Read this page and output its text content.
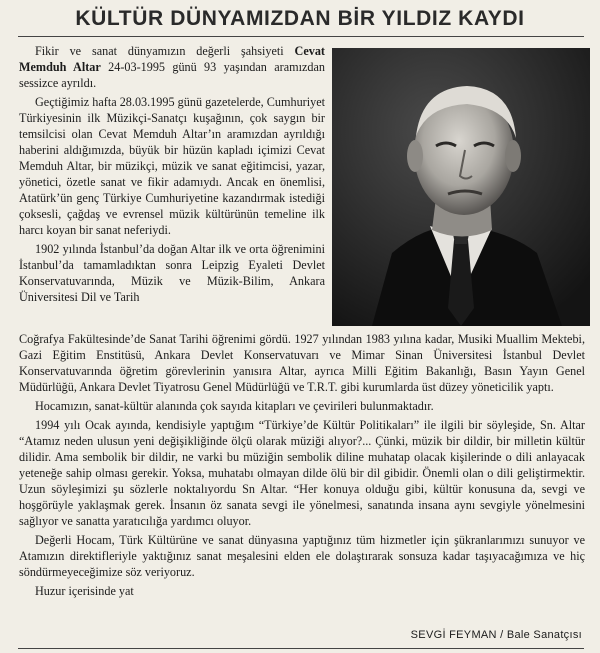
KÜLTÜR DÜNYAMIZDAN BİR YILDIZ KAYDI

Fikir ve sanat dünyamızın değerli şahsiyeti Cevat Memduh Altar 24-03-1995 günü 93 yaşından aramızdan sessizce ayrıldı.

Geçtiğimiz hafta 28.03.1995 günü gazetelerde, Cumhuriyet Türkiyesinin ilk Müzikçi-Sanatçı kuşağının, çok saygın bir temsilcisi olan Cevat Memduh Altar’ın aramızdan ayrıldığı haberini aldığımızda, büyük bir hüzün kapladı içimizi Cevat Memduh Altar, bir müzikçi, müzik ve sanat eğitimcisi, yazar, yönetici, özetle sanat ve fikir adamıydı. Ancak en önemlisi, Atatürk’ün genç Türkiye Cumhuriyetine kazandırmak istediği çoksesli, çağdaş ve evrensel müzik kültürünün temeline ilk harcı koyan bir sanat neferiydi.

1902 yılında İstanbul’da doğan Altar ilk ve orta öğrenimini İstanbul’da tamamladıktan sonra Leipzig Eyaleti Devlet Konservatuvarında, Müzik ve Müzik-Bilim, Ankara Üniversitesi Dil ve Tarih

Coğrafya Fakültesinde’de Sanat Tarihi öğrenimi gördü. 1927 yılından 1983 yılına kadar, Musiki Muallim Mektebi, Gazi Eğitim Enstitüsü, Ankara Devlet Konservatuvarı ve Mimar Sinan Üniversitesi İstanbul Devlet Konservatuvarında öğretim görevlerinin yanısıra Altar, ayrıca Milli Eğitim Bakanlığı, Basın Yayın Genel Müdürlüğü, Ankara Devlet Tiyatrosu Genel Müdürlüğü ve T.R.T. gibi kurumlarda üst düzey yöneticilik yaptı.

Hocamızın, sanat-kültür alanında çok sayıda kitapları ve çevirileri bulunmaktadır.

1994 yılı Ocak ayında, kendisiyle yaptığım “Türkiye’de Kültür Politikaları” ile ilgili bir söyleşide, Sn. Altar “Atamız neden ulusun yeni değişikliğinde ölçü olarak müziği alıyor?... Çünki, müzik bir dildir, bir milletin kültür dilidir. Ama sembolik bir dildir, ne varki bu müziğin sembolik diline muhatap olacak kişilerinde o dili anlayacak yeteneğe sahip olması gerekir. Yoksa, muhatabı olmayan dilde ölü bir dil gibidir. Önemli olan o dili geliştirmektir. Uzun söyleşimizi şu sözlerle noktalıyordu Sn Altar. “Her konuya olduğu gibi, kültür konusuna da, sevgi ve hoşgörüyle yaklaşmak gerek. İnsanın öz sanata sevgi ile yönelmesi, sanatında insana aynı sevgiyle yönelmesini sağlıyor ve sanatta yaratıcılığa yardımcı oluyor.

Değerli Hocam, Türk Kültürüne ve sanat dünyasına yaptığınız tüm hizmetler için şükranlarımızı sunuyor ve Atamızın direktifleriyle yaktığınız sanat meşalesini elden ele dolaştırarak sonsuza kadar taşıyacağımıza ve hiç söndürmeyeceğimize söz veriyoruz.

Huzur içerisinde yat

SEVGİ FEYMAN / Bale Sanatçısı
